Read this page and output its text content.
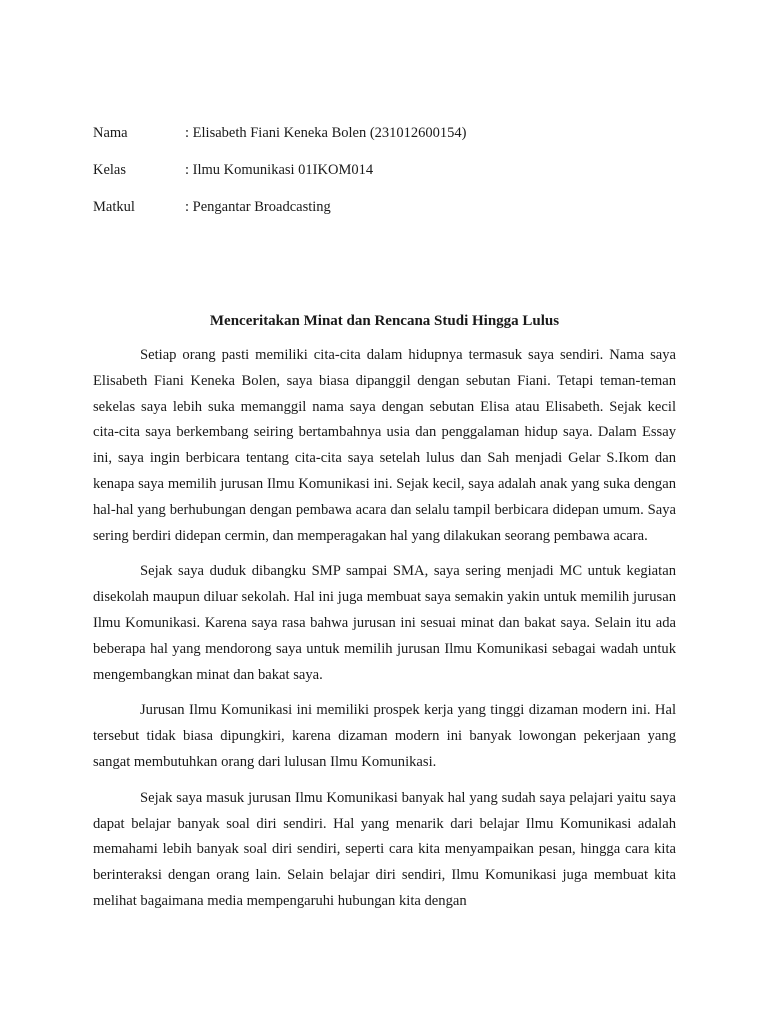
Nama	: Elisabeth Fiani Keneka Bolen (231012600154)
Kelas	: Ilmu Komunikasi 01IKOM014
Matkul	: Pengantar Broadcasting
Menceritakan Minat dan Rencana Studi Hingga Lulus

Setiap orang pasti memiliki cita-cita dalam hidupnya termasuk saya sendiri. Nama saya Elisabeth Fiani Keneka Bolen, saya biasa dipanggil dengan sebutan Fiani. Tetapi teman-teman sekelas saya lebih suka memanggil nama saya dengan sebutan Elisa atau Elisabeth. Sejak kecil cita-cita saya berkembang seiring bertambahnya usia dan penggalaman hidup saya. Dalam Essay ini, saya ingin berbicara tentang cita-cita saya setelah lulus dan Sah menjadi Gelar S.Ikom dan kenapa saya memilih jurusan Ilmu Komunikasi ini. Sejak kecil, saya adalah anak yang suka dengan hal-hal yang berhubungan dengan pembawa acara dan selalu tampil berbicara didepan umum. Saya sering berdiri didepan cermin, dan memperagakan hal yang dilakukan seorang pembawa acara.

Sejak saya duduk dibangku SMP sampai SMA, saya sering menjadi MC untuk kegiatan disekolah maupun diluar sekolah. Hal ini juga membuat saya semakin yakin untuk memilih jurusan Ilmu Komunikasi. Karena saya rasa bahwa jurusan ini sesuai minat dan bakat saya. Selain itu ada beberapa hal yang mendorong saya untuk memilih jurusan Ilmu Komunikasi sebagai wadah untuk mengembangkan minat dan bakat saya.

Jurusan Ilmu Komunikasi ini memiliki prospek kerja yang tinggi dizaman modern ini. Hal tersebut tidak biasa dipungkiri, karena dizaman modern ini banyak lowongan pekerjaan yang sangat membutuhkan orang dari lulusan Ilmu Komunikasi.

Sejak saya masuk jurusan Ilmu Komunikasi banyak hal yang sudah saya pelajari yaitu saya dapat belajar banyak soal diri sendiri. Hal yang menarik dari belajar Ilmu Komunikasi adalah memahami lebih banyak soal diri sendiri, seperti cara kita menyampaikan pesan, hingga cara kita berinteraksi dengan orang lain. Selain belajar diri sendiri, Ilmu Komunikasi juga membuat kita melihat bagaimana media mempengaruhi hubungan kita dengan
